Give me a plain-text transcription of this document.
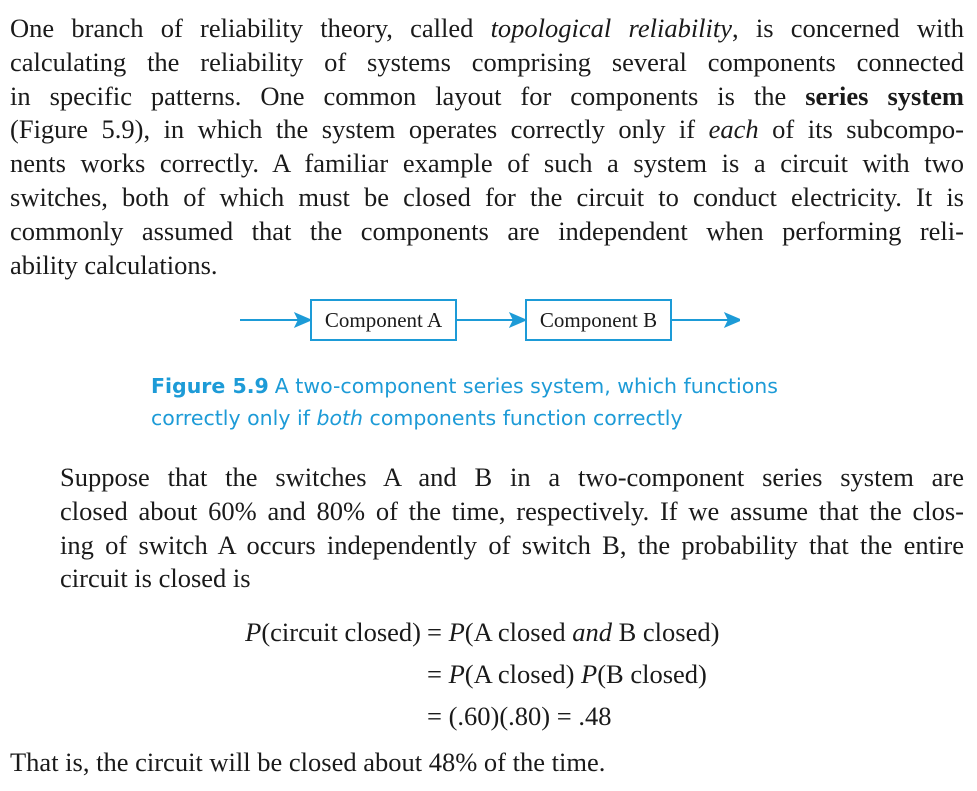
One branch of reliability theory, called topological reliability, is concerned with
calculating the reliability of systems comprising several components connected
in specific patterns. One common layout for components is the series system
(Figure 5.9), in which the system operates correctly only if each of its subcompo-
nents works correctly. A familiar example of such a system is a circuit with two
switches, both of which must be closed for the circuit to conduct electricity. It is
commonly assumed that the components are independent when performing reli-
ability calculations.
Component A	Component B
Figure 5.9 A two-component series system, which functions
correctly only if both components function correctly
Suppose that the switches A and B in a two-component series system are
closed about 60% and 80% of the time, respectively. If we assume that the clos-
ing of switch A occurs independently of switch B, the probability that the entire
circuit is closed is
P(circuit closed) = P(A closed and B closed)
= P(A closed) P(B closed)
= (.60)(.80) = .48
That is, the circuit will be closed about 48% of the time.
